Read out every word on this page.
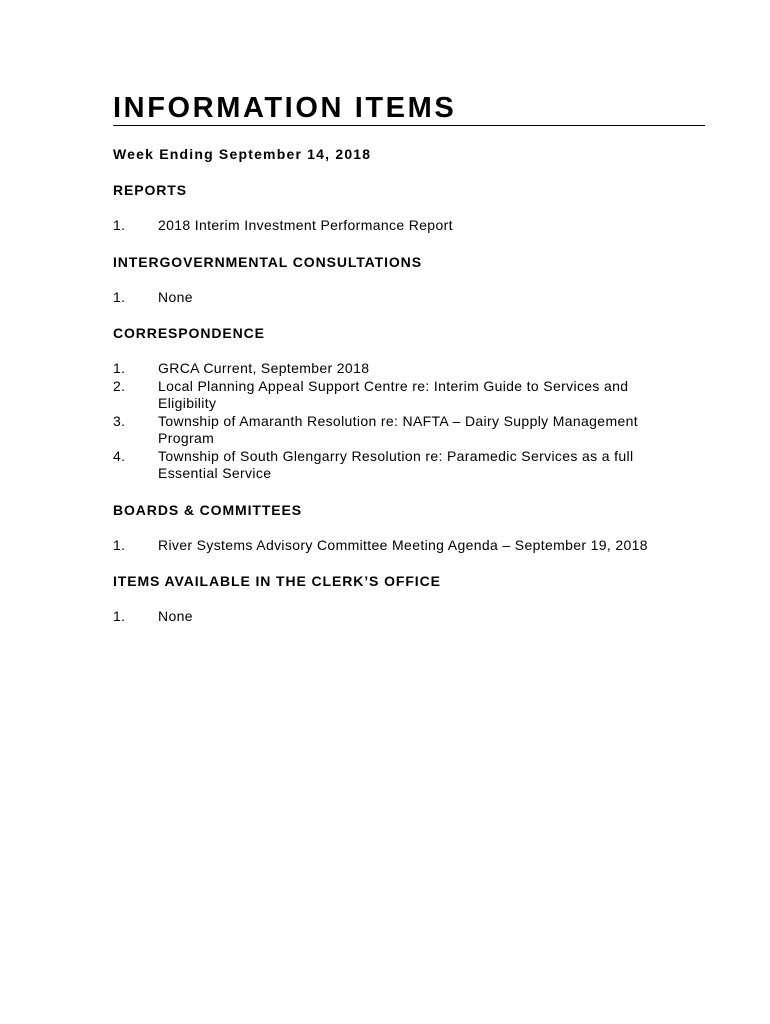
INFORMATION ITEMS
Week Ending September 14, 2018
REPORTS
1.	2018 Interim Investment Performance Report
INTERGOVERNMENTAL CONSULTATIONS
1.	None
CORRESPONDENCE
1.	GRCA Current, September 2018
2.	Local Planning Appeal Support Centre re: Interim Guide to Services and Eligibility
3.	Township of Amaranth Resolution re: NAFTA – Dairy Supply Management Program
4.	Township of South Glengarry Resolution re: Paramedic Services as a full Essential Service
BOARDS & COMMITTEES
1.	River Systems Advisory Committee Meeting Agenda – September 19, 2018
ITEMS AVAILABLE IN THE CLERK’S OFFICE
1.	None
